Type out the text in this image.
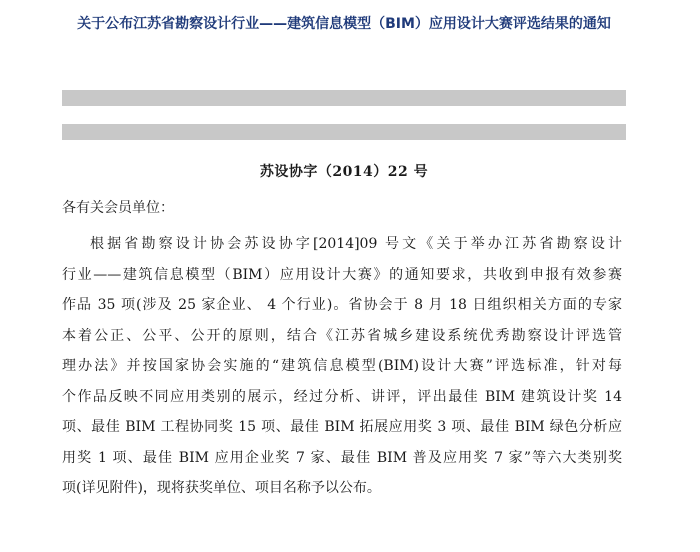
关于公布江苏省勘察设计行业——建筑信息模型（BIM）应用设计大赛评选结果的通知

苏设协字（2014）22 号

各有关会员单位：

根据省勘察设计协会苏设协字[2014]09 号文《关于举办江苏省勘察设计
行业——建筑信息模型（BIM）应用设计大赛》的通知要求，共收到申报有效参赛
作品 35 项(涉及 25 家企业、 4 个行业)。省协会于 8 月 18 日组织相关方面的专家
本着公正、公平、公开的原则，结合《江苏省城乡建设系统优秀勘察设计评选管
理办法》并按国家协会实施的“建筑信息模型(BIM)设计大赛”评选标准，针对每
个作品反映不同应用类别的展示，经过分析、讲评，评出最佳 BIM 建筑设计奖 14
项、最佳 BIM 工程协同奖 15 项、最佳 BIM 拓展应用奖 3 项、最佳 BIM 绿色分析应
用奖 1 项、最佳 BIM 应用企业奖 7 家、最佳 BIM 普及应用奖 7 家”等六大类别奖
项(详见附件)，现将获奖单位、项目名称予以公布。
